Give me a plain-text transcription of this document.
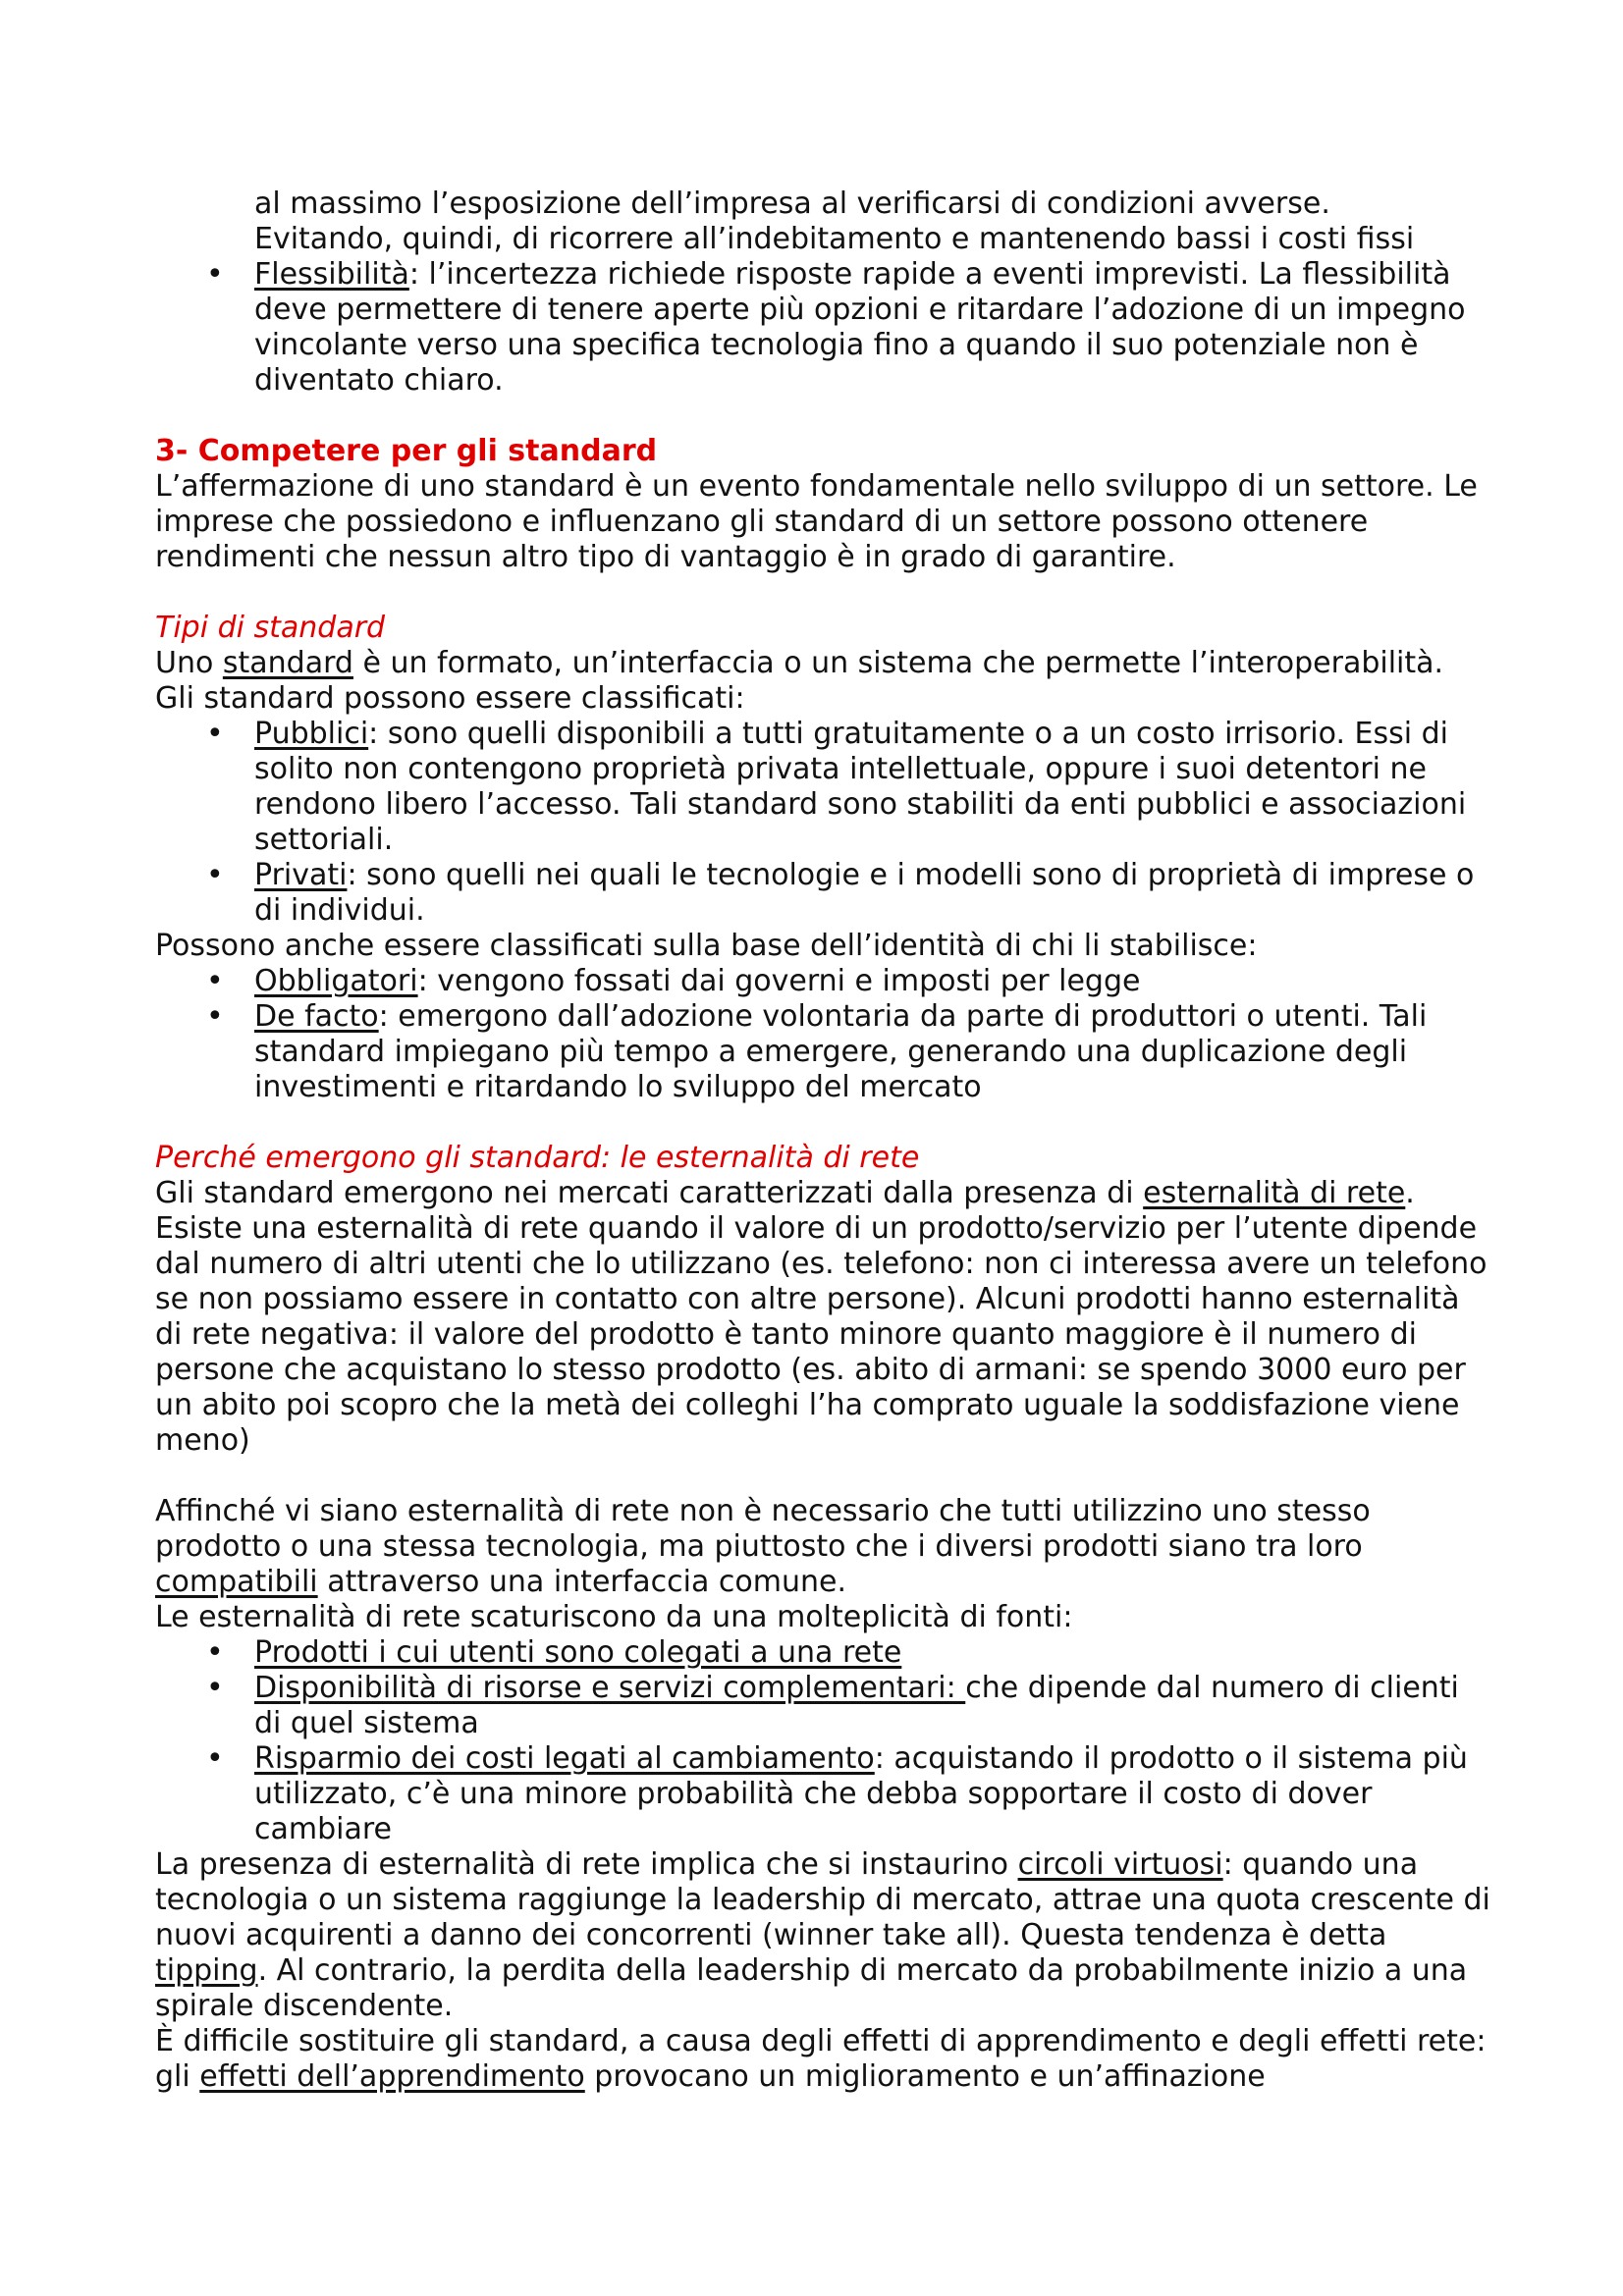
al massimo l’esposizione dell’impresa al verificarsi di condizioni avverse.
Evitando, quindi, di ricorrere all’indebitamento e mantenendo bassi i costi fissi
• Flessibilità: l’incertezza richiede risposte rapide a eventi imprevisti. La flessibilità deve permettere di tenere aperte più opzioni e ritardare l’adozione di un impegno vincolante verso una specifica tecnologia fino a quando il suo potenziale non è diventato chiaro.

3- Competere per gli standard

L’affermazione di uno standard è un evento fondamentale nello sviluppo di un settore. Le imprese che possiedono e influenzano gli standard di un settore possono ottenere rendimenti che nessun altro tipo di vantaggio è in grado di garantire.

Tipi di standard

Uno standard è un formato, un’interfaccia o un sistema che permette l’interoperabilità.

Gli standard possono essere classificati:

• Pubblici: sono quelli disponibili a tutti gratuitamente o a un costo irrisorio. Essi di solito non contengono proprietà privata intellettuale, oppure i suoi detentori ne rendono libero l’accesso. Tali standard sono stabiliti da enti pubblici e associazioni settoriali.
• Privati: sono quelli nei quali le tecnologie e i modelli sono di proprietà di imprese o di individui.

Possono anche essere classificati sulla base dell’identità di chi li stabilisce:

• Obbligatori: vengono fossati dai governi e imposti per legge
• De facto: emergono dall’adozione volontaria da parte di produttori o utenti. Tali standard impiegano più tempo a emergere, generando una duplicazione degli investimenti e ritardando lo sviluppo del mercato

Perché emergono gli standard: le esternalità di rete

Gli standard emergono nei mercati caratterizzati dalla presenza di esternalità di rete. Esiste una esternalità di rete quando il valore di un prodotto/servizio per l’utente dipende dal numero di altri utenti che lo utilizzano (es. telefono: non ci interessa avere un telefono se non possiamo essere in contatto con altre persone). Alcuni prodotti hanno esternalità di rete negativa: il valore del prodotto è tanto minore quanto maggiore è il numero di persone che acquistano lo stesso prodotto (es. abito di armani: se spendo 3000 euro per un abito poi scopro che la metà dei colleghi l’ha comprato uguale la soddisfazione viene meno)

Affinché vi siano esternalità di rete non è necessario che tutti utilizzino uno stesso prodotto o una stessa tecnologia, ma piuttosto che i diversi prodotti siano tra loro compatibili attraverso una interfaccia comune.

Le esternalità di rete scaturiscono da una molteplicità di fonti:

• Prodotti i cui utenti sono colegati a una rete
• Disponibilità di risorse e servizi complementari: che dipende dal numero di clienti di quel sistema
• Risparmio dei costi legati al cambiamento: acquistando il prodotto o il sistema più utilizzato, c’è una minore probabilità che debba sopportare il costo di dover cambiare

La presenza di esternalità di rete implica che si instaurino circoli virtuosi: quando una tecnologia o un sistema raggiunge la leadership di mercato, attrae una quota crescente di nuovi acquirenti a danno dei concorrenti (winner take all). Questa tendenza è detta tipping. Al contrario, la perdita della leadership di mercato da probabilmente inizio a una spirale discendente.

È difficile sostituire gli standard, a causa degli effetti di apprendimento e degli effetti rete: gli effetti dell’apprendimento provocano un miglioramento e un’affinazione
